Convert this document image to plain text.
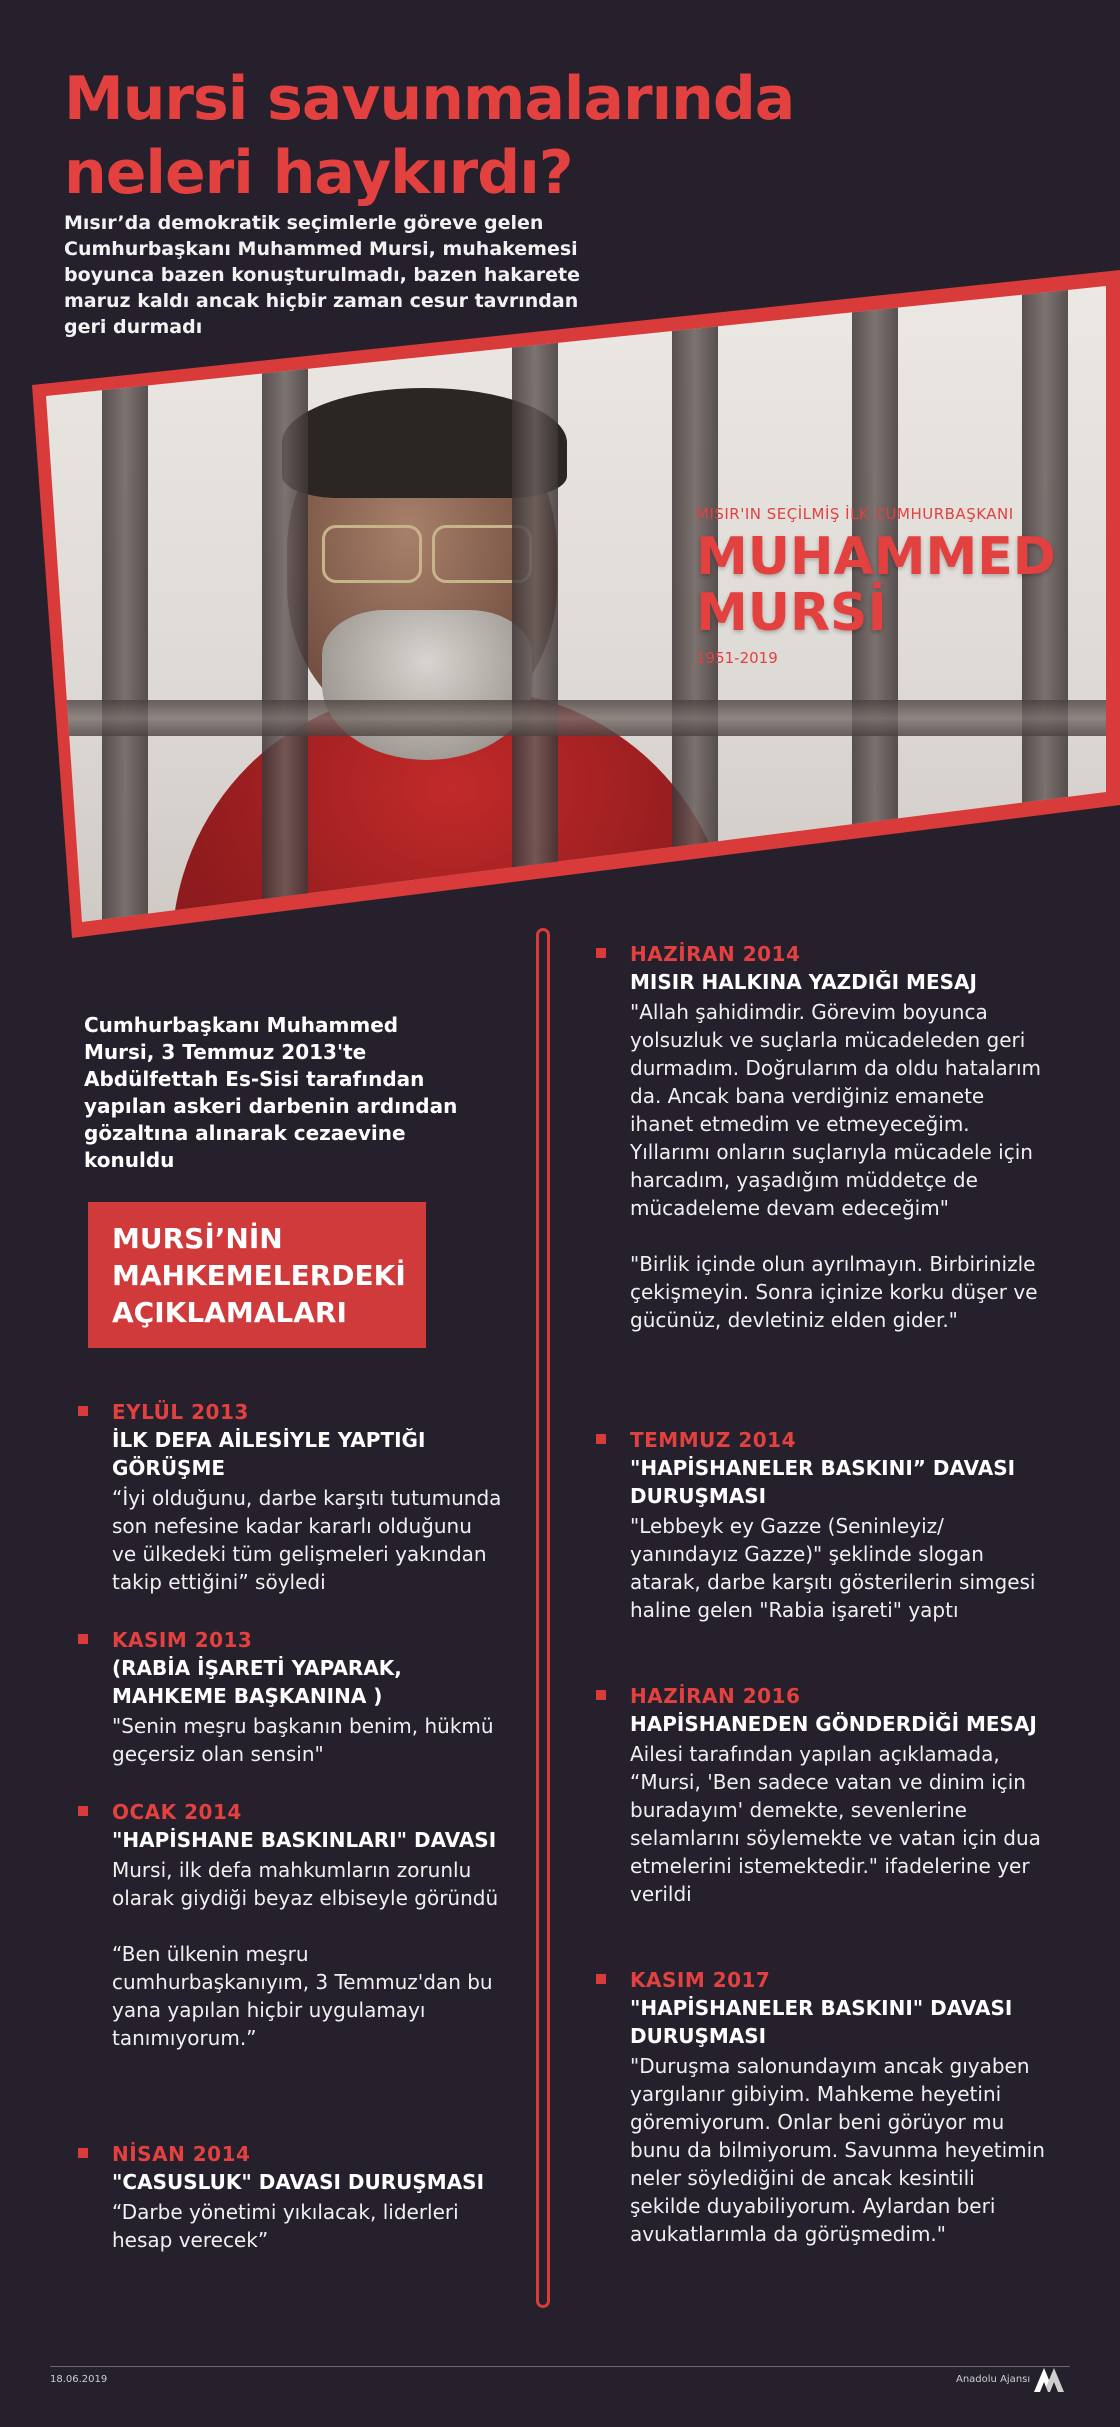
Mursi savunmalarında
neleri haykırdı?
Mısır’da demokratik seçimlerle göreve gelen Cumhurbaşkanı Muhammed Mursi, muhakemesi boyunca bazen konuşturulmadı, bazen hakarete maruz kaldı ancak hiçbir zaman cesur tavrından geri durmadı
MISIR'IN SEÇİLMİŞ İLK CUMHURBAŞKANI
MUHAMMED
MURSİ
1951-2019
Cumhurbaşkanı Muhammed Mursi, 3 Temmuz 2013'te Abdülfettah Es-Sisi tarafından yapılan askeri darbenin ardından gözaltına alınarak cezaevine konuldu
MURSİ’NİN
MAHKEMELERDEKİ
AÇIKLAMALARI
EYLÜL 2013
İLK DEFA AİLESİYLE YAPTIĞI GÖRÜŞME
“İyi olduğunu, darbe karşıtı tutumunda son nefesine kadar kararlı olduğunu ve ülkedeki tüm gelişmeleri yakından takip ettiğini” söyledi
KASIM 2013
(RABİA İŞARETİ YAPARAK, MAHKEME BAŞKANINA )
"Senin meşru başkanın benim, hükmü geçersiz olan sensin"
OCAK 2014
"HAPİSHANE BASKINLARI" DAVASI
Mursi, ilk defa mahkumların zorunlu olarak giydiği beyaz elbiseyle göründü

“Ben ülkenin meşru cumhurbaşkanıyım, 3 Temmuz'dan bu yana yapılan hiçbir uygulamayı tanımıyorum.”
NİSAN 2014
"CASUSLUK" DAVASI DURUŞMASI
“Darbe yönetimi yıkılacak, liderleri hesap verecek”
HAZİRAN 2014
MISIR HALKINA YAZDIĞI MESAJ
"Allah şahidimdir. Görevim boyunca yolsuzluk ve suçlarla mücadeleden geri durmadım. Doğrularım da oldu hatalarım da. Ancak bana verdiğiniz emanete ihanet etmedim ve etmeyeceğim. Yıllarımı onların suçlarıyla mücadele için harcadım, yaşadığım müddetçe de mücadeleme devam edeceğim"

"Birlik içinde olun ayrılmayın. Birbirinizle çekişmeyin. Sonra içinize korku düşer ve gücünüz, devletiniz elden gider."
TEMMUZ 2014
"HAPİSHANELER BASKINI” DAVASI DURUŞMASI
"Lebbeyk ey Gazze (Seninleyiz/ yanındayız Gazze)" şeklinde slogan atarak, darbe karşıtı gösterilerin simgesi haline gelen "Rabia işareti" yaptı
HAZİRAN 2016
HAPİSHANEDEN GÖNDERDİĞİ MESAJ
Ailesi tarafından yapılan açıklamada, “Mursi, 'Ben sadece vatan ve dinim için buradayım' demekte, sevenlerine selamlarını söylemekte ve vatan için dua etmelerini istemektedir." ifadelerine yer verildi
KASIM 2017
"HAPİSHANELER BASKINI" DAVASI DURUŞMASI
"Duruşma salonundayım ancak gıyaben yargılanır gibiyim. Mahkeme heyetini göremiyorum. Onlar beni görüyor mu bunu da bilmiyorum. Savunma heyetimin neler söylediğini de ancak kesintili şekilde duyabiliyorum. Aylardan beri avukatlarımla da görüşmedim."
18.06.2019	Anadolu Ajansı
